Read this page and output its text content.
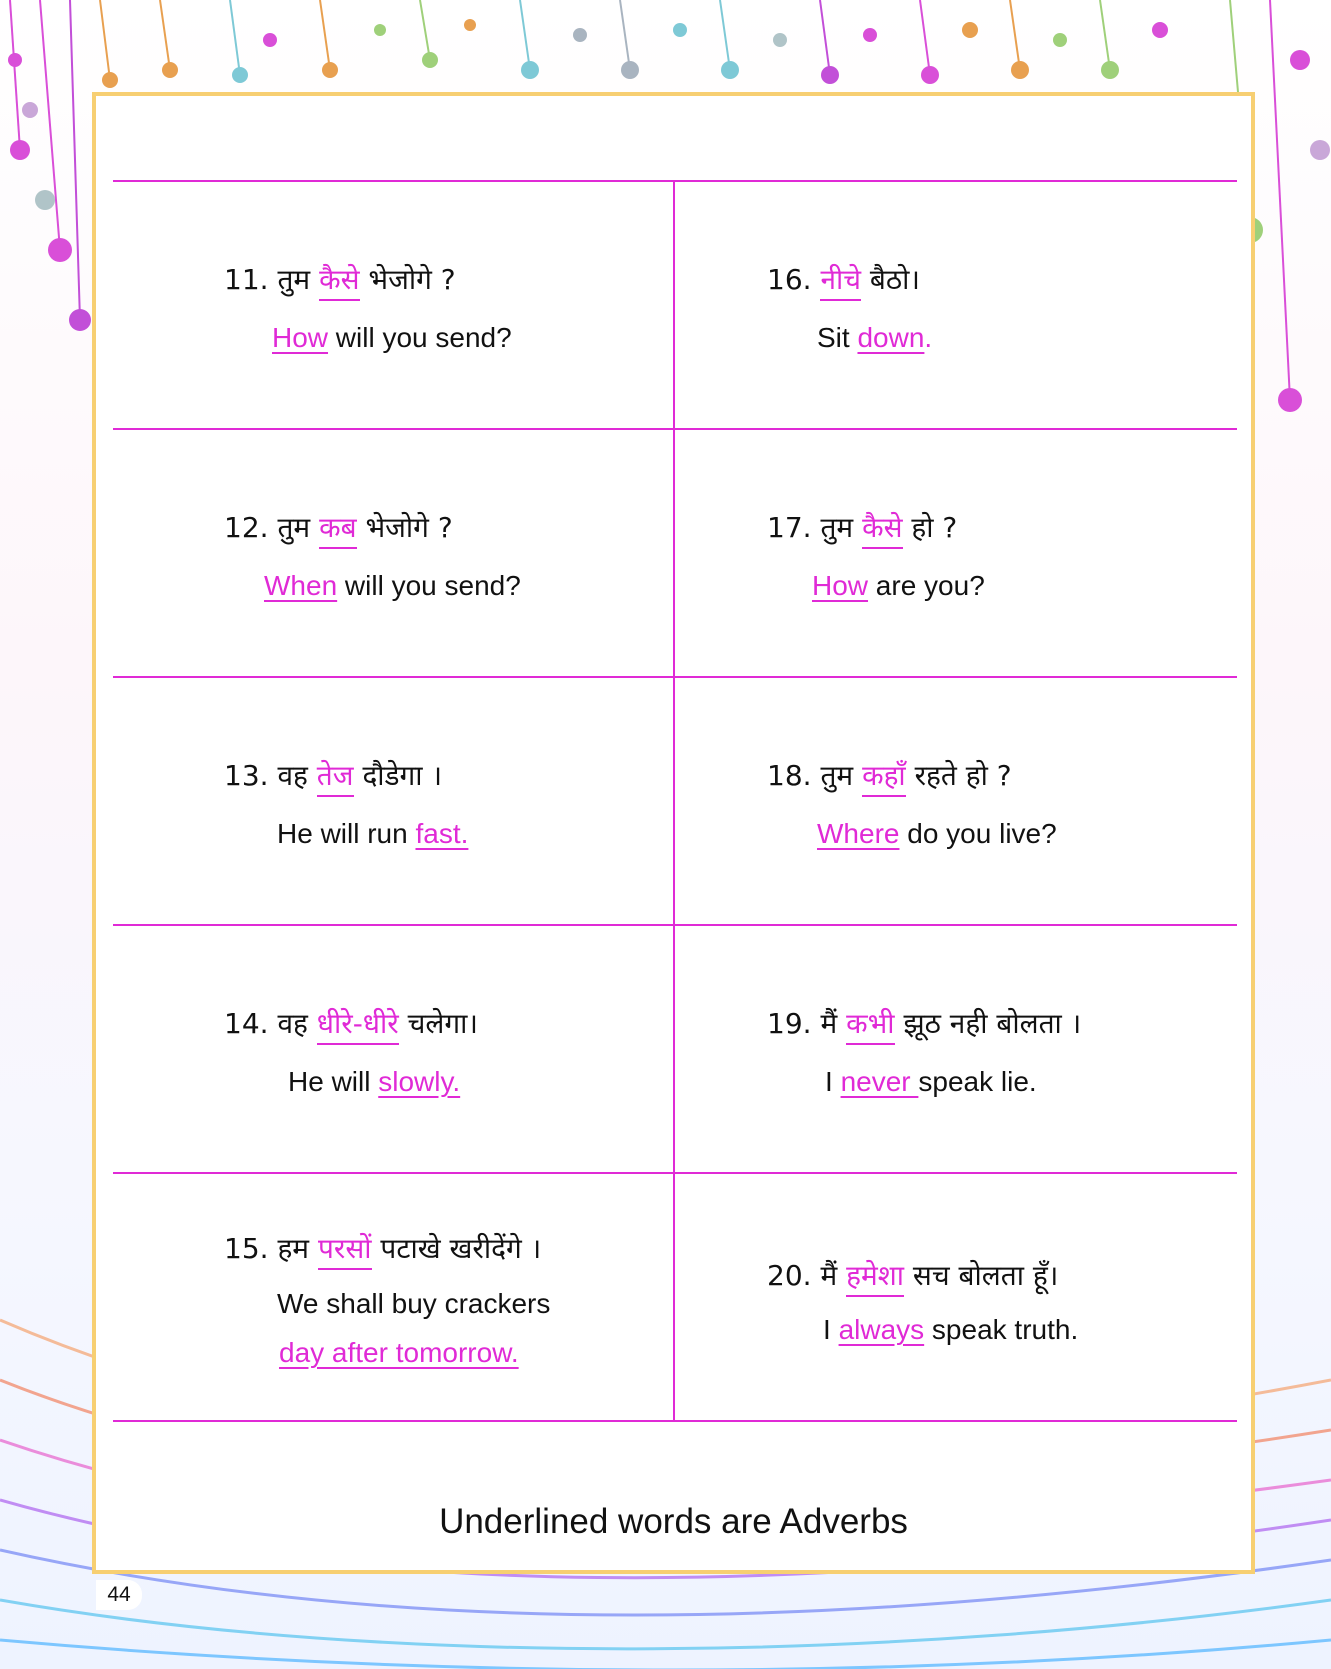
11. तुम कैसे भेजोगे ?
How will you send?
16. नीचे बैठो।
Sit down.
12. तुम कब भेजोगे ?
When will you send?
17. तुम कैसे हो ?
How are you?
13. वह तेज दौडेगा ।
He will run fast.
18. तुम कहाँ रहते हो ?
Where do you live?
14. वह धीरे-धीरे चलेगा।
He will slowly.
19. मैं कभी झूठ नही बोलता ।
I never speak lie.
15. हम परसों पटाखे खरीदेंगे ।
We shall buy crackers
day after tomorrow.
20. मैं हमेशा सच बोलता हूँ।
I always speak truth.
Underlined words are Adverbs
44
